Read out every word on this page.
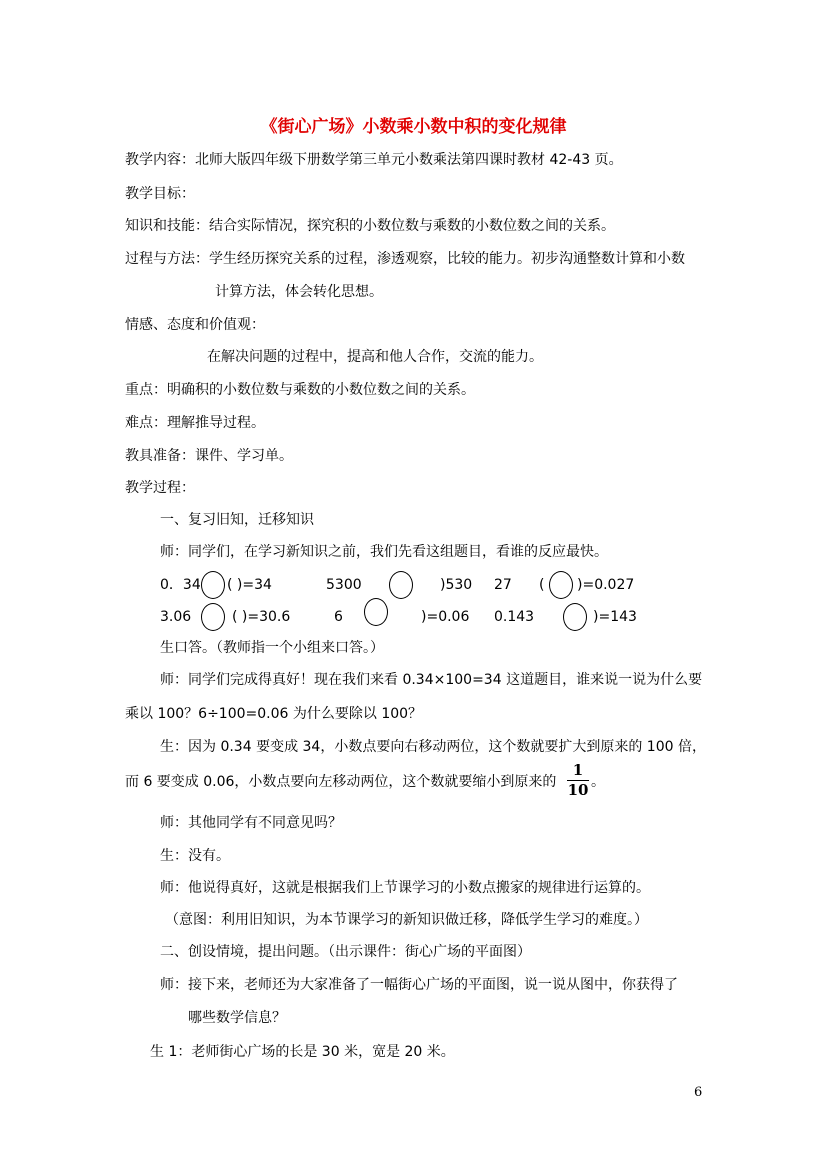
《街心广场》小数乘小数中积的变化规律
教学内容：北师大版四年级下册数学第三单元小数乘法第四课时教材 42-43 页。
教学目标：
知识和技能：结合实际情况，探究积的小数位数与乘数的小数位数之间的关系。
过程与方法：学生经历探究关系的过程，渗透观察，比较的能力。初步沟通整数计算和小数
计算方法，体会转化思想。
情感、态度和价值观：
在解决问题的过程中，提高和他人合作，交流的能力。
重点：明确积的小数位数与乘数的小数位数之间的关系。
难点：理解推导过程。
教具准备：课件、学习单。
教学过程：
一、复习旧知，迁移知识
师：同学们，在学习新知识之前，我们先看这组题目，看谁的反应最快。
0．34 ( )=34	5300	)530 27 ( )=0.027
3.06	( )=30.6	6	)=0.06 0.143	)=143
生口答。（教师指一个小组来口答。）
师：同学们完成得真好！现在我们来看 0.34×100=34 这道题目，谁来说一说为什么要
乘以 100？6÷100=0.06 为什么要除以 100？
生：因为 0.34 要变成 34，小数点要向右移动两位，这个数就要扩大到原来的 100 倍，
而 6 要变成 0.06，小数点要向左移动两位，这个数就要缩小到原来的
1
10 。
师：其他同学有不同意见吗？
生：没有。
师：他说得真好，这就是根据我们上节课学习的小数点搬家的规律进行运算的。
（意图：利用旧知识，为本节课学习的新知识做迁移，降低学生学习的难度。）
二、创设情境，提出问题。（出示课件：街心广场的平面图）
师：接下来，老师还为大家准备了一幅街心广场的平面图，说一说从图中，你获得了
哪些数学信息？
生 1：老师街心广场的长是 30 米，宽是 20 米。
6
